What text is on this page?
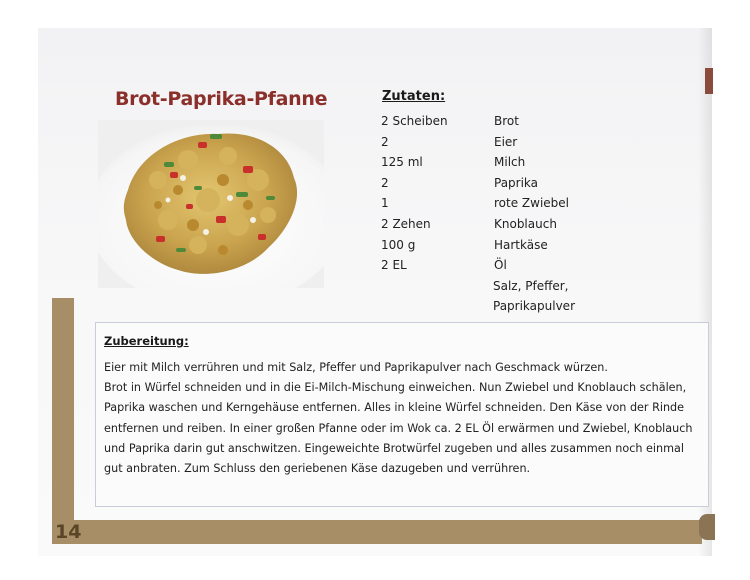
14
Brot-Paprika-Pfanne	Zutaten:
2 Scheiben	Brot
2	Eier
125 ml	Milch
2	Paprika
1	rote Zwiebel
2 Zehen	Knoblauch
100 g	Hartkäse
2 EL	Öl
Salz, Pfeffer,
Paprikapulver
Zubereitung:
Eier mit Milch verrühren und mit Salz, Pfeffer und Paprikapulver nach Geschmack würzen.
Brot in Würfel schneiden und in die Ei-Milch-Mischung einweichen. Nun Zwiebel und Knoblauch schälen,
Paprika waschen und Kerngehäuse entfernen. Alles in kleine Würfel schneiden. Den Käse von der Rinde
entfernen und reiben. In einer großen Pfanne oder im Wok ca. 2 EL Öl erwärmen und Zwiebel, Knoblauch
und Paprika darin gut anschwitzen. Eingeweichte Brotwürfel zugeben und alles zusammen noch einmal
gut anbraten. Zum Schluss den geriebenen Käse dazugeben und verrühren.
